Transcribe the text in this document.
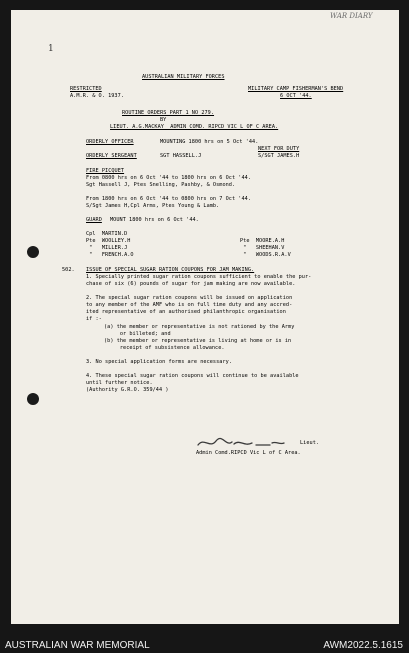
WAR DIARY
1
AUSTRALIAN MILITARY FORCES
RESTRICTED
A.M.R. & O. 1937.
MILITARY CAMP FISHERMAN'S BEND
6 OCT '44.
ROUTINE ORDERS PART 1 NO 279.
BY
LIEUT. A.G.MACKAY  ADMIN COMD. RIPCD VIC L OF C AREA.
ORDERLY OFFICER	MOUNTING 1800 hrs on 5 Oct '44.
NEXT FOR DUTY
ORDERLY SERGEANT	SGT HASSELL.J	S/SGT JAMES.H
FIRE PICQUET
From 0800 hrs on 6 Oct '44 to 1800 hrs on 6 Oct '44.
Sgt Hassell J, Ptes Snelling, Pashby, & Osmond.
From 1800 hrs on 6 Oct '44 to 0800 hrs on 7 Oct '44.
S/Sgt James H,Cpl Arms, Ptes Young & Lamb.
GUARD MOUNT 1800 hrs on 6 Oct '44.
Cpl  MARTIN.D
Pte  WOOLLEY.H
"   MILLER.J
"   FRENCH.A.O
Pte  MOORE.A.H
"   SHEEHAN.V
"   WOODS.R.A.V
502. ISSUE OF SPECIAL SUGAR RATION COUPONS FOR JAM MAKING.
1. Specially printed sugar ration coupons sufficient to enable the pur-
chase of six (6) pounds of sugar for jam making are now available.
2. The special sugar ration coupons will be issued on application
to any member of the AMF who is on full time duty and any accred-
ited representative of an authorised philanthropic organisation
if :-
(a) the member or representative is not rationed by the Army
or billeted; and
(b) the member or representative is living at home or is in
receipt of subsistence allowance.
3. No special application forms are necessary.
4. These special sugar ration coupons will continue to be available
until further notice.
(Authority G.R.O. 359/44 )
Lieut.
Admin Comd.RIPCD Vic L of C Area.
AUSTRALIAN WAR MEMORIAL	AWM2022.5.1615
